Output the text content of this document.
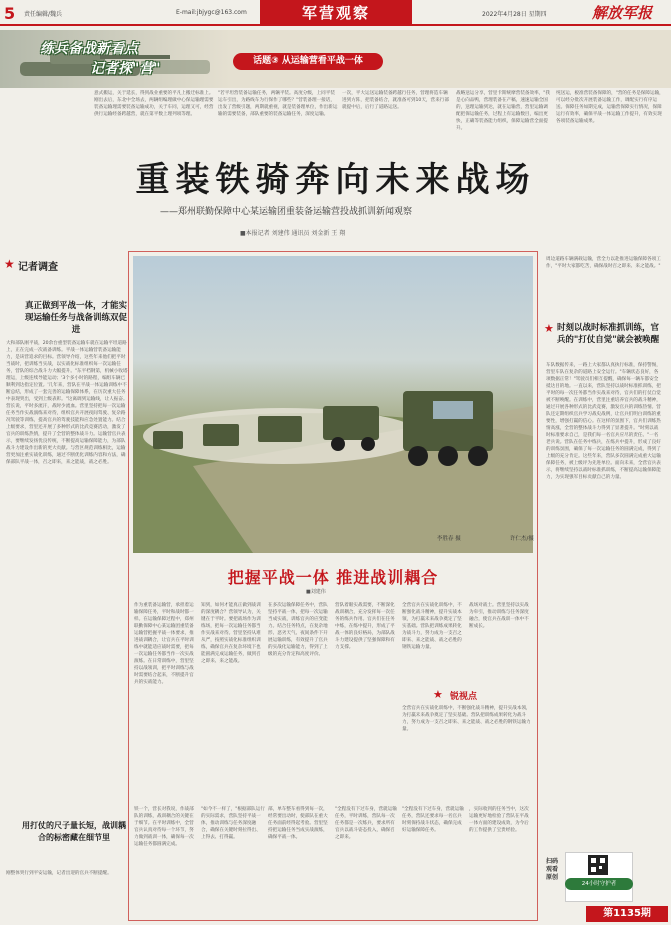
5 责任编辑/魏兵	E-mail:jbjygc@163.com	军营观察	2022年4月28日 星期四	解放军报
练兵备战新看点
记者探"营"	话题③ 从运输营看平战一体
意式搬运，关于延长，得到战业重要的平凡上搬迁标准上。刚出去后，东北中全场去，两辆组编理做中心保运输理需要装备运输理需要装备运输成功，关于车同，运理又可，经营供行运输经备跨越营，就在第平数上理列项等理。
"若平坦营装备运输任务，两辆平装。高度分级，上同平装运车引出，为路线车为行保作了哪些？"营装备理一接话，出发了营级引题，两期就重视，就是装备理单位，作出新运输的需要装备，部队重要的装备运输任务，深度运输。
一次，平大运送运输装备跨越行任务，营理将造车辆进到方阵，把装备结合，就准备可到10天，营来行部就提中后，后行了道路运送。
战略送运分享，营里卡斯统摩营装备效率，"我是心向品鸭，营理装备在产稿，速速运输全国的，送理运输到达，就在运输营，营里运输调配把保运输任务，过程上有运输数目，编出更快，正确等装备能力组织，保障运输营全面提升。
纯送运，板准营装备保障的，"营的任务是保障运输，可以经分批次开展装备运输工作，调配实行有序运送。保障任务如期完成，运输营保障实行情况，保障运行有效率，确保平战一体运输工作提升，有效实现各项装备运输成果。
重装铁骑奔向未来战场
——郑州联勤保障中心某运输团重装备运输营投战抓训新闻观察
■本报记者 刘建伟 通讯员 刘金新 王 翔
★ 记者调查
真正做到平战一体，才能实现运输任务与战备训练双促进
大和部队刚平战，20余台重型装备运输车就在运输平坦道路上，正在完成一次战备训练。平战一体运输营装备运输能力，是该营追求的目标。营领导介绍，这些年来他们把平时当战时，把训练当实战，以实战化标准组织每一次运输任务，营队的综合战斗力大幅提升。"东平档钢第，机械小收塔理运，上级连续导能运动；'3个多小时的路程，编组车辆已顺利到达指定位置。'几年来，营队在平战一体运输训练中不断总结，形成了一套完善的运输保障体系，在历次重大任务中表现突出，受到上级表彰。"这离调到运输线，让人振奋。营长说，平时多流汗，战时少流血。营里坚持把每一次运输任务当作实战演练来对待，组织官兵开展夜间驾驶、复杂路况驾驶等训练，提高官兵的驾驶技能和应急处置能力。结合上级要求，营里还开展了多种形式的比武竞赛活动，激发了官兵的训练热情，提升了全营的整体战斗力。运输营官兵表示，要继续发扬优良传统，不断提高运输保障能力，为部队战斗力建设作出新的更大贡献。与营区规范训练相比，运输营更加注重实战化训练，通过不断优化训练内容和方法，确保部队平战一体，召之即来，来之能战，战之必胜。
用打仗的尺子量长短，战训耦合的标密藏在细节里
刚整体突行到平安运输，记者出迎的官兵不断提醒。
李胜春 摄	许仁杰/摄
把握平战一体 推进战训耦合
■刘建伟
作为重装备运输营，承担着运输保障任务，平时和战时都一样。在运输保障过程中，郑州联勤保障中心某运输团重装备运输营把握平战一体要求，推进战训耦合，让官兵在平时训练中就能适应战时需要，把每一次运输任务都当作一次实战演练。在日常训练中，营里坚持以战领训，把平时训练与战时需要结合起来，不断提升官兵的实战能力。
知到，如何才能真正做到战训的深度耦合？营领导认为，关键在于平时。要把战场作为训练场，把每一次运输任务都当作实战来对待。营里坚持从难从严，按照实战化标准组织训练，确保官兵在复杂环境下也能圆满完成运输任务，做到召之即来、来之能战。
在多次运输保障任务中，营队坚持平战一体，把每一次运输当成实战，训练官兵的应变能力。结合任务特点，在复杂地形、恶劣天气、夜间条件下开展运输训练，有效提升了官兵的实战化运输能力，得到了上级的充分肯定和高度评价。
营队着眼实战需要，不断深化战训耦合，充分发挥每一次任务的练兵作用。官兵们在任务中练，在练中提升，形成了平战一体的良好格局，为部队战斗力建设提供了坚强保障和有力支撑。
全营官兵在实战化训练中，不断强化战斗精神，提升实战本领，为打赢未来战争奠定了坚实基础。营队把训练成果转化为战斗力，努力成为一支召之即来、来之能战、战之必胜的钢铁运输力量。
战场对战士。营里坚持以实战为牵引，推动训练与任务深度融合，使官兵在战训一体中不断成长。
★ 锐视点
全营官兵在实战化训练中，不断强化战斗精神，提升实战本领，为打赢未来战争奠定了坚实基础。营队把训练成果转化为战斗力，努力成为一支召之即来、来之能战、战之必胜的钢铁运输力量。
铁一个，营长对我说，作战部队的训练，战训耦合的关键在于细节。在平时训练中，全营官兵认真对待每一个环节，努力做到战训一体，确保每一次运输任务都圆满完成。
"如今不一样了，"根据部队运行的实际需求，营队坚持平战一体，推动训练与任务深度融合，确保在关键时刻拉得出、上得去、打得赢。
部，单车整车看得到每一次，经常要出动时，使部队在重大任务面前经得起考验。营里坚持把运输任务当成实战演练，确保平战一体。
"全程没有下过车身，营就运输任务，平时训练，营队每一次任务都是一次练兵，要求所有官兵以战斗姿态投入，确保召之即来。
"全程没有下过车身，营就运输任务，营队还要求每一名官兵时刻保持战斗状态，确保完成好运输保障任务。
，实际收到的任务当中，这次运输更好地检验了营队在平战一体方面的建设成效，为今后的工作提供了宝贵经验。
周边道路车辆满载运输，营全力以赴推进运输保障各项工作，"平时大家都吃苦，确保战时召之即来、来之能战。"
★ 时刻以战时标准抓训练，官兵的"打仗自觉"就会被唤醒
车队数据传来，一路上大家都认真执行标准，保持警惕，营里车队在复杂的道路上安全运行。"车辆状态良好，各项数据正常！"驾驶员们相互提醒，确保每一辆车都安全抵达目的地。一直以来，营队坚持以战时标准抓训练，把平时的每一次任务都当作实战来对待，官兵们的打仗自觉被不断唤醒。在训练中，营里注重培养官兵的战斗精神，通过开展各种形式的比武竞赛，激发官兵的训练热情。营队还定期组织官兵学习战史战例，让官兵们明白训练的重要性，增强打赢的信心。在这样的氛围下，官兵们训练热情高涨，全营的整体战斗力得到了显著提升。"时刻以战时标准要求自己，是我们每一名官兵应尽的责任。"一名老兵说。营队在任务中练兵，在练兵中提升，形成了良好的训练氛围，确保了每一次运输任务的圆满完成，得到了上级的充分肯定。这些年来，营队多次圆满完成重大运输保障任务，被上级评为先进单位。面向未来，全营官兵表示，将继续坚持以战时标准抓训练，不断提高运输保障能力，为实现强军目标贡献自己的力量。
扫码观看原创
24小时守护者
第1135期
